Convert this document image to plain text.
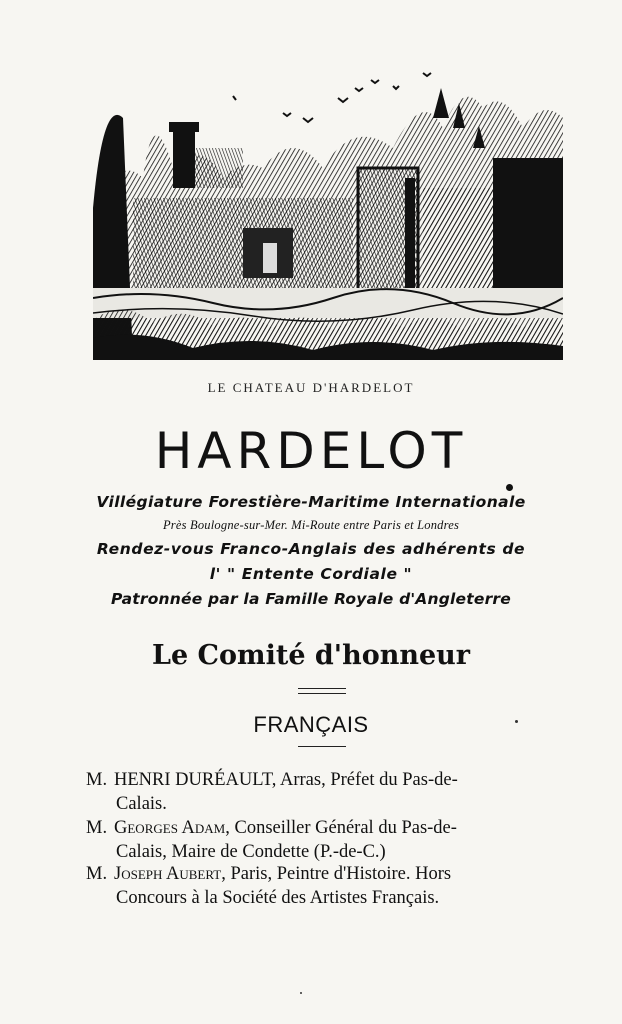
LE CHATEAU D'HARDELOT
HARDELOT
Villégiature Forestière-Maritime Internationale
Près Boulogne-sur-Mer. Mi-Route entre Paris et Londres
Rendez-vous Franco-Anglais des adhérents de
l' " Entente Cordiale "
Patronnée par la Famille Royale d'Angleterre
Le Comité d'honneur
FRANÇAIS
M. HENRI DURÉAULT, Arras, Préfet du Pas-de-
Calais.
M. Georges Adam, Conseiller Général du Pas-de-
Calais, Maire de Condette (P.-de-C.)
M. Joseph Aubert, Paris, Peintre d'Histoire. Hors
Concours à la Société des Artistes Français.
